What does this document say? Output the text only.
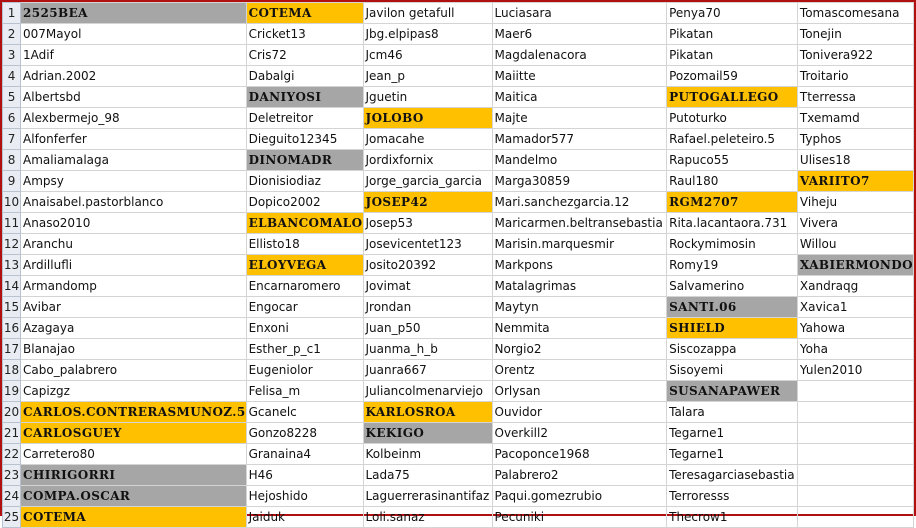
1	2525BEA	COTEMA	Javilon getafull	Luciasara	Penya70	Tomascomesana
2	007Mayol	Cricket13	Jbg.elpipas8	Maer6	Pikatan	Tonejin
3	1Adif	Cris72	Jcm46	Magdalenacora	Pikatan	Tonivera922
4	Adrian.2002	Dabalgi	Jean_p	Maiitte	Pozomail59	Troitario
5	Albertsbd	DANIYOSI	Jguetin	Maitica	PUTOGALLEGO	Tterressa
6	Alexbermejo_98	Deletreitor	JOLOBO	Majte	Putoturko	Txemamd
7	Alfonferfer	Dieguito12345	Jomacahe	Mamador577	Rafael.peleteiro.5	Typhos
8	Amaliamalaga	DINOMADR	Jordixfornix	Mandelmo	Rapuco55	Ulises18
9	Ampsy	Dionisiodiaz	Jorge_garcia_garcia	Marga30859	Raul180	VARIITO7
10	Anaisabel.pastorblanco	Dopico2002	JOSEP42	Mari.sanchezgarcia.12	RGM2707	Viheju
11	Anaso2010	ELBANCOMALO	Josep53	Maricarmen.beltransebastia	Rita.lacantaora.731	Vivera
12	Aranchu	Ellisto18	Josevicentet123	Marisin.marquesmir	Rockymimosin	Willou
13	Ardillufli	ELOYVEGA	Josito20392	Markpons	Romy19	XABIERMONDO
14	Armandomp	Encarnaromero	Jovimat	Matalagrimas	Salvamerino	Xandraqg
15	Avibar	Engocar	Jrondan	Maytyn	SANTI.06	Xavica1
16	Azagaya	Enxoni	Juan_p50	Nemmita	SHIELD	Yahowa
17	Blanajao	Esther_p_c1	Juanma_h_b	Norgio2	Siscozappa	Yoha
18	Cabo_palabrero	Eugeniolor	Juanra667	Orentz	Sisoyemi	Yulen2010
19	Capizgz	Felisa_m	Juliancolmenarviejo	Orlysan	SUSANAPAWER	
20	CARLOS.CONTRERASMUNOZ.5	Gcanelc	KARLOSROA	Ouvidor	Talara	
21	CARLOSGUEY	Gonzo8228	KEKIGO	Overkill2	Tegarne1	
22	Carretero80	Granaina4	Kolbeinm	Pacoponce1968	Tegarne1	
23	CHIRIGORRI	H46	Lada75	Palabrero2	Teresagarciasebastia	
24	COMPA.OSCAR	Hejoshido	Laguerrerasinantifaz	Paqui.gomezrubio	Terroresss	
25	COTEMA	Jaiduk	Loli.sanaz	Pecuniki	Thecrow1	
